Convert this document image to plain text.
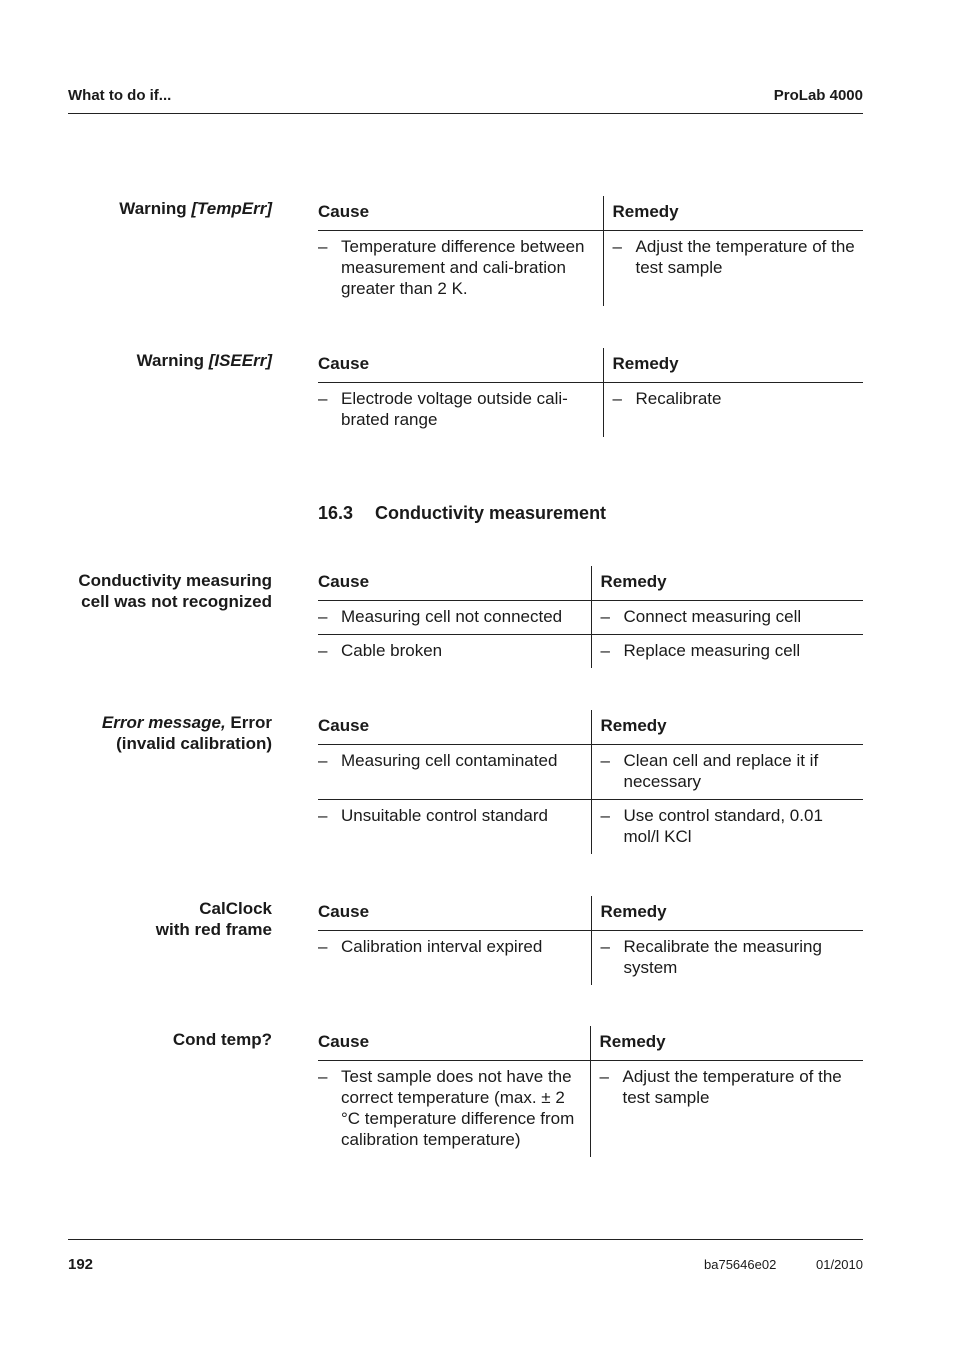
What to do if...	ProLab 4000
Warning [TempErr]	Cause	Remedy

– Temperature difference between measurement and cali-bration greater than 2 K.	– Adjust the temperature of the test sample
Warning [ISEErr]	Cause	Remedy

– Electrode voltage outside cali-brated range	– Recalibrate
16.3 Conductivity measurement
Conductivity measuring
cell was not recognized
Cause	Remedy

– Measuring cell not connected	– Connect measuring cell

– Cable broken	– Replace measuring cell
Error message, Error
(invalid calibration)
Cause	Remedy

– Measuring cell contaminated	– Clean cell and replace it if necessary

– Unsuitable control standard	– Use control standard, 0.01 mol/l KCl
CalClock
with red frame
Cause	Remedy

– Calibration interval expired	– Recalibrate the measuring system
Cond temp?	Cause	Remedy

– Test sample does not have the correct temperature (max. ± 2 °C temperature difference from calibration temperature)	– Adjust the temperature of the test sample
192	ba75646e02	01/2010
